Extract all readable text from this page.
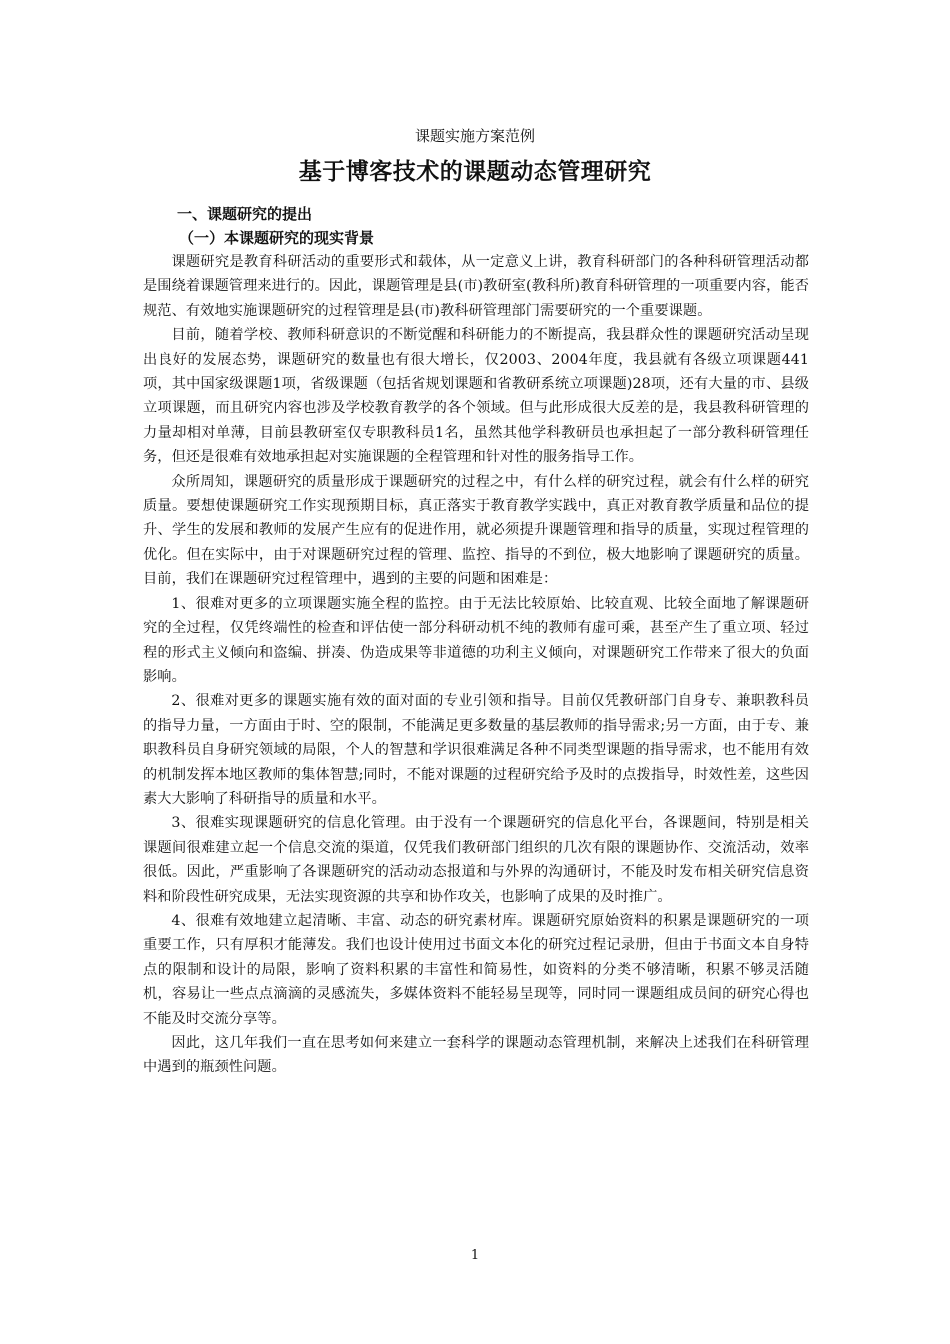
课题实施方案范例
基于博客技术的课题动态管理研究

一、课题研究的提出

（一）本课题研究的现实背景

课题研究是教育科研活动的重要形式和载体，从一定意义上讲，教育科研部门的各种科研管理活动都是围绕着课题管理来进行的。因此，课题管理是县(市)教研室(教科所)教育科研管理的一项重要内容，能否规范、有效地实施课题研究的过程管理是县(市)教科研管理部门需要研究的一个重要课题。

目前，随着学校、教师科研意识的不断觉醒和科研能力的不断提高，我县群众性的课题研究活动呈现出良好的发展态势，课题研究的数量也有很大增长，仅2003、2004年度，我县就有各级立项课题441项，其中国家级课题1项，省级课题（包括省规划课题和省教研系统立项课题)28项，还有大量的市、县级立项课题，而且研究内容也涉及学校教育教学的各个领域。但与此形成很大反差的是，我县教科研管理的力量却相对单薄，目前县教研室仅专职教科员1名，虽然其他学科教研员也承担起了一部分教科研管理任务，但还是很难有效地承担起对实施课题的全程管理和针对性的服务指导工作。

众所周知，课题研究的质量形成于课题研究的过程之中，有什么样的研究过程，就会有什么样的研究质量。要想使课题研究工作实现预期目标，真正落实于教育教学实践中，真正对教育教学质量和品位的提升、学生的发展和教师的发展产生应有的促进作用，就必须提升课题管理和指导的质量，实现过程管理的优化。但在实际中，由于对课题研究过程的管理、监控、指导的不到位，极大地影响了课题研究的质量。目前，我们在课题研究过程管理中，遇到的主要的问题和困难是：

1、很难对更多的立项课题实施全程的监控。由于无法比较原始、比较直观、比较全面地了解课题研究的全过程，仅凭终端性的检查和评估使一部分科研动机不纯的教师有虚可乘，甚至产生了重立项、轻过程的形式主义倾向和盗编、拼凑、伪造成果等非道德的功利主义倾向，对课题研究工作带来了很大的负面影响。

2、很难对更多的课题实施有效的面对面的专业引领和指导。目前仅凭教研部门自身专、兼职教科员的指导力量，一方面由于时、空的限制，不能满足更多数量的基层教师的指导需求;另一方面，由于专、兼职教科员自身研究领域的局限，个人的智慧和学识很难满足各种不同类型课题的指导需求，也不能用有效的机制发挥本地区教师的集体智慧;同时，不能对课题的过程研究给予及时的点拨指导，时效性差，这些因素大大影响了科研指导的质量和水平。

3、很难实现课题研究的信息化管理。由于没有一个课题研究的信息化平台，各课题间，特别是相关课题间很难建立起一个信息交流的渠道，仅凭我们教研部门组织的几次有限的课题协作、交流活动，效率很低。因此，严重影响了各课题研究的活动动态报道和与外界的沟通研讨，不能及时发布相关研究信息资料和阶段性研究成果，无法实现资源的共享和协作攻关，也影响了成果的及时推广。

4、很难有效地建立起清晰、丰富、动态的研究素材库。课题研究原始资料的积累是课题研究的一项重要工作，只有厚积才能薄发。我们也设计使用过书面文本化的研究过程记录册，但由于书面文本自身特点的限制和设计的局限，影响了资料积累的丰富性和简易性，如资料的分类不够清晰，积累不够灵活随机，容易让一些点点滴滴的灵感流失，多媒体资料不能轻易呈现等，同时同一课题组成员间的研究心得也不能及时交流分享等。

因此，这几年我们一直在思考如何来建立一套科学的课题动态管理机制，来解决上述我们在科研管理中遇到的瓶颈性问题。

1
